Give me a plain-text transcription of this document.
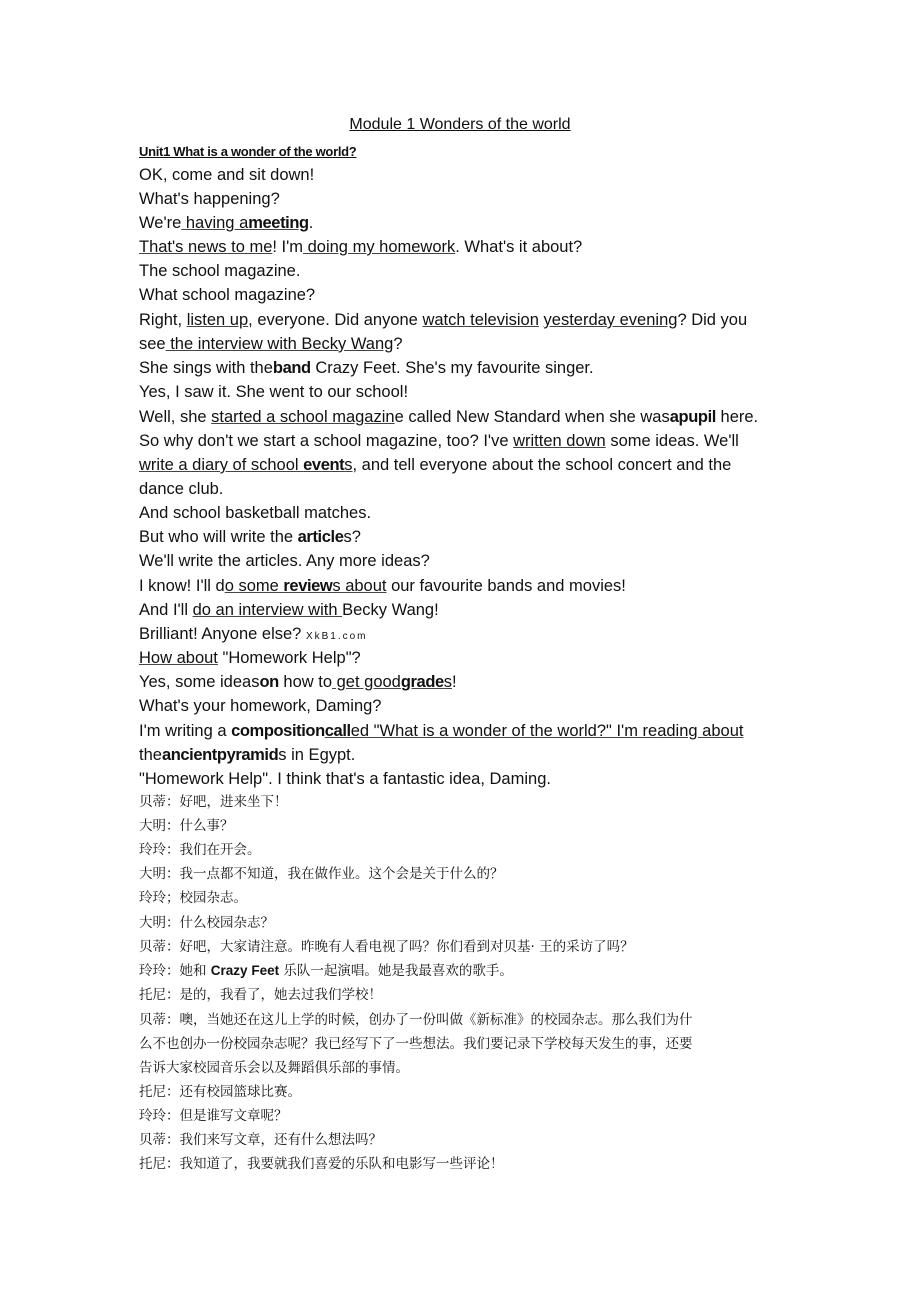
Module 1 Wonders of the world
Unit1 What is a wonder of the world?
OK, come and sit down!
What's happening?
We're having ameeting.
That's news to me! I'm doing my homework. What's it about?
The school magazine.
What school magazine?
Right, listen up, everyone. Did anyone watch television yesterday evening? Did you
see the interview with Becky Wang?
She sings with theband Crazy Feet. She's my favourite singer.
Yes, I saw it. She went to our school!
Well, she started a school magazine called New Standard when she wasapupil here.
So why don't we start a school magazine, too? I've written down some ideas. We'll
write a diary of school events, and tell everyone about the school concert and the
dance club.
And school basketball matches.
But who will write the articles?
We'll write the articles. Any more ideas?
I know! I'll do some reviews about our favourite bands and movies!
And I'll do an interview with Becky Wang!
Brilliant! Anyone else? XkB1.com
How about "Homework Help"?
Yes, some ideason how to get goodgrades!
What's your homework, Daming?
I'm writing a compositioncalled "What is a wonder of the world?" I'm reading about
theancientpyramids in Egypt.
"Homework Help". I think that's a fantastic idea, Daming.
贝蒂：好吧，进来坐下！
大明：什么事？
玲玲：我们在开会。
大明：我一点都不知道，我在做作业。这个会是关于什么的？
玲玲；校园杂志。
大明：什么校园杂志？
贝蒂：好吧，大家请注意。昨晚有人看电视了吗？你们看到对贝基· 王的采访了吗？
玲玲：她和 Crazy Feet 乐队一起演唱。她是我最喜欢的歌手。
托尼：是的，我看了，她去过我们学校！
贝蒂：噢，当她还在这儿上学的时候，创办了一份叫做《新标准》的校园杂志。那么我们为什么不也创办一份校园杂志呢？我已经写下了一些想法。我们要记录下学校每天发生的事，还要告诉大家校园音乐会以及舞蹈俱乐部的事情。
托尼：还有校园篮球比赛。
玲玲：但是谁写文章呢？
贝蒂：我们来写文章，还有什么想法吗？
托尼：我知道了，我要就我们喜爱的乐队和电影写一些评论！
